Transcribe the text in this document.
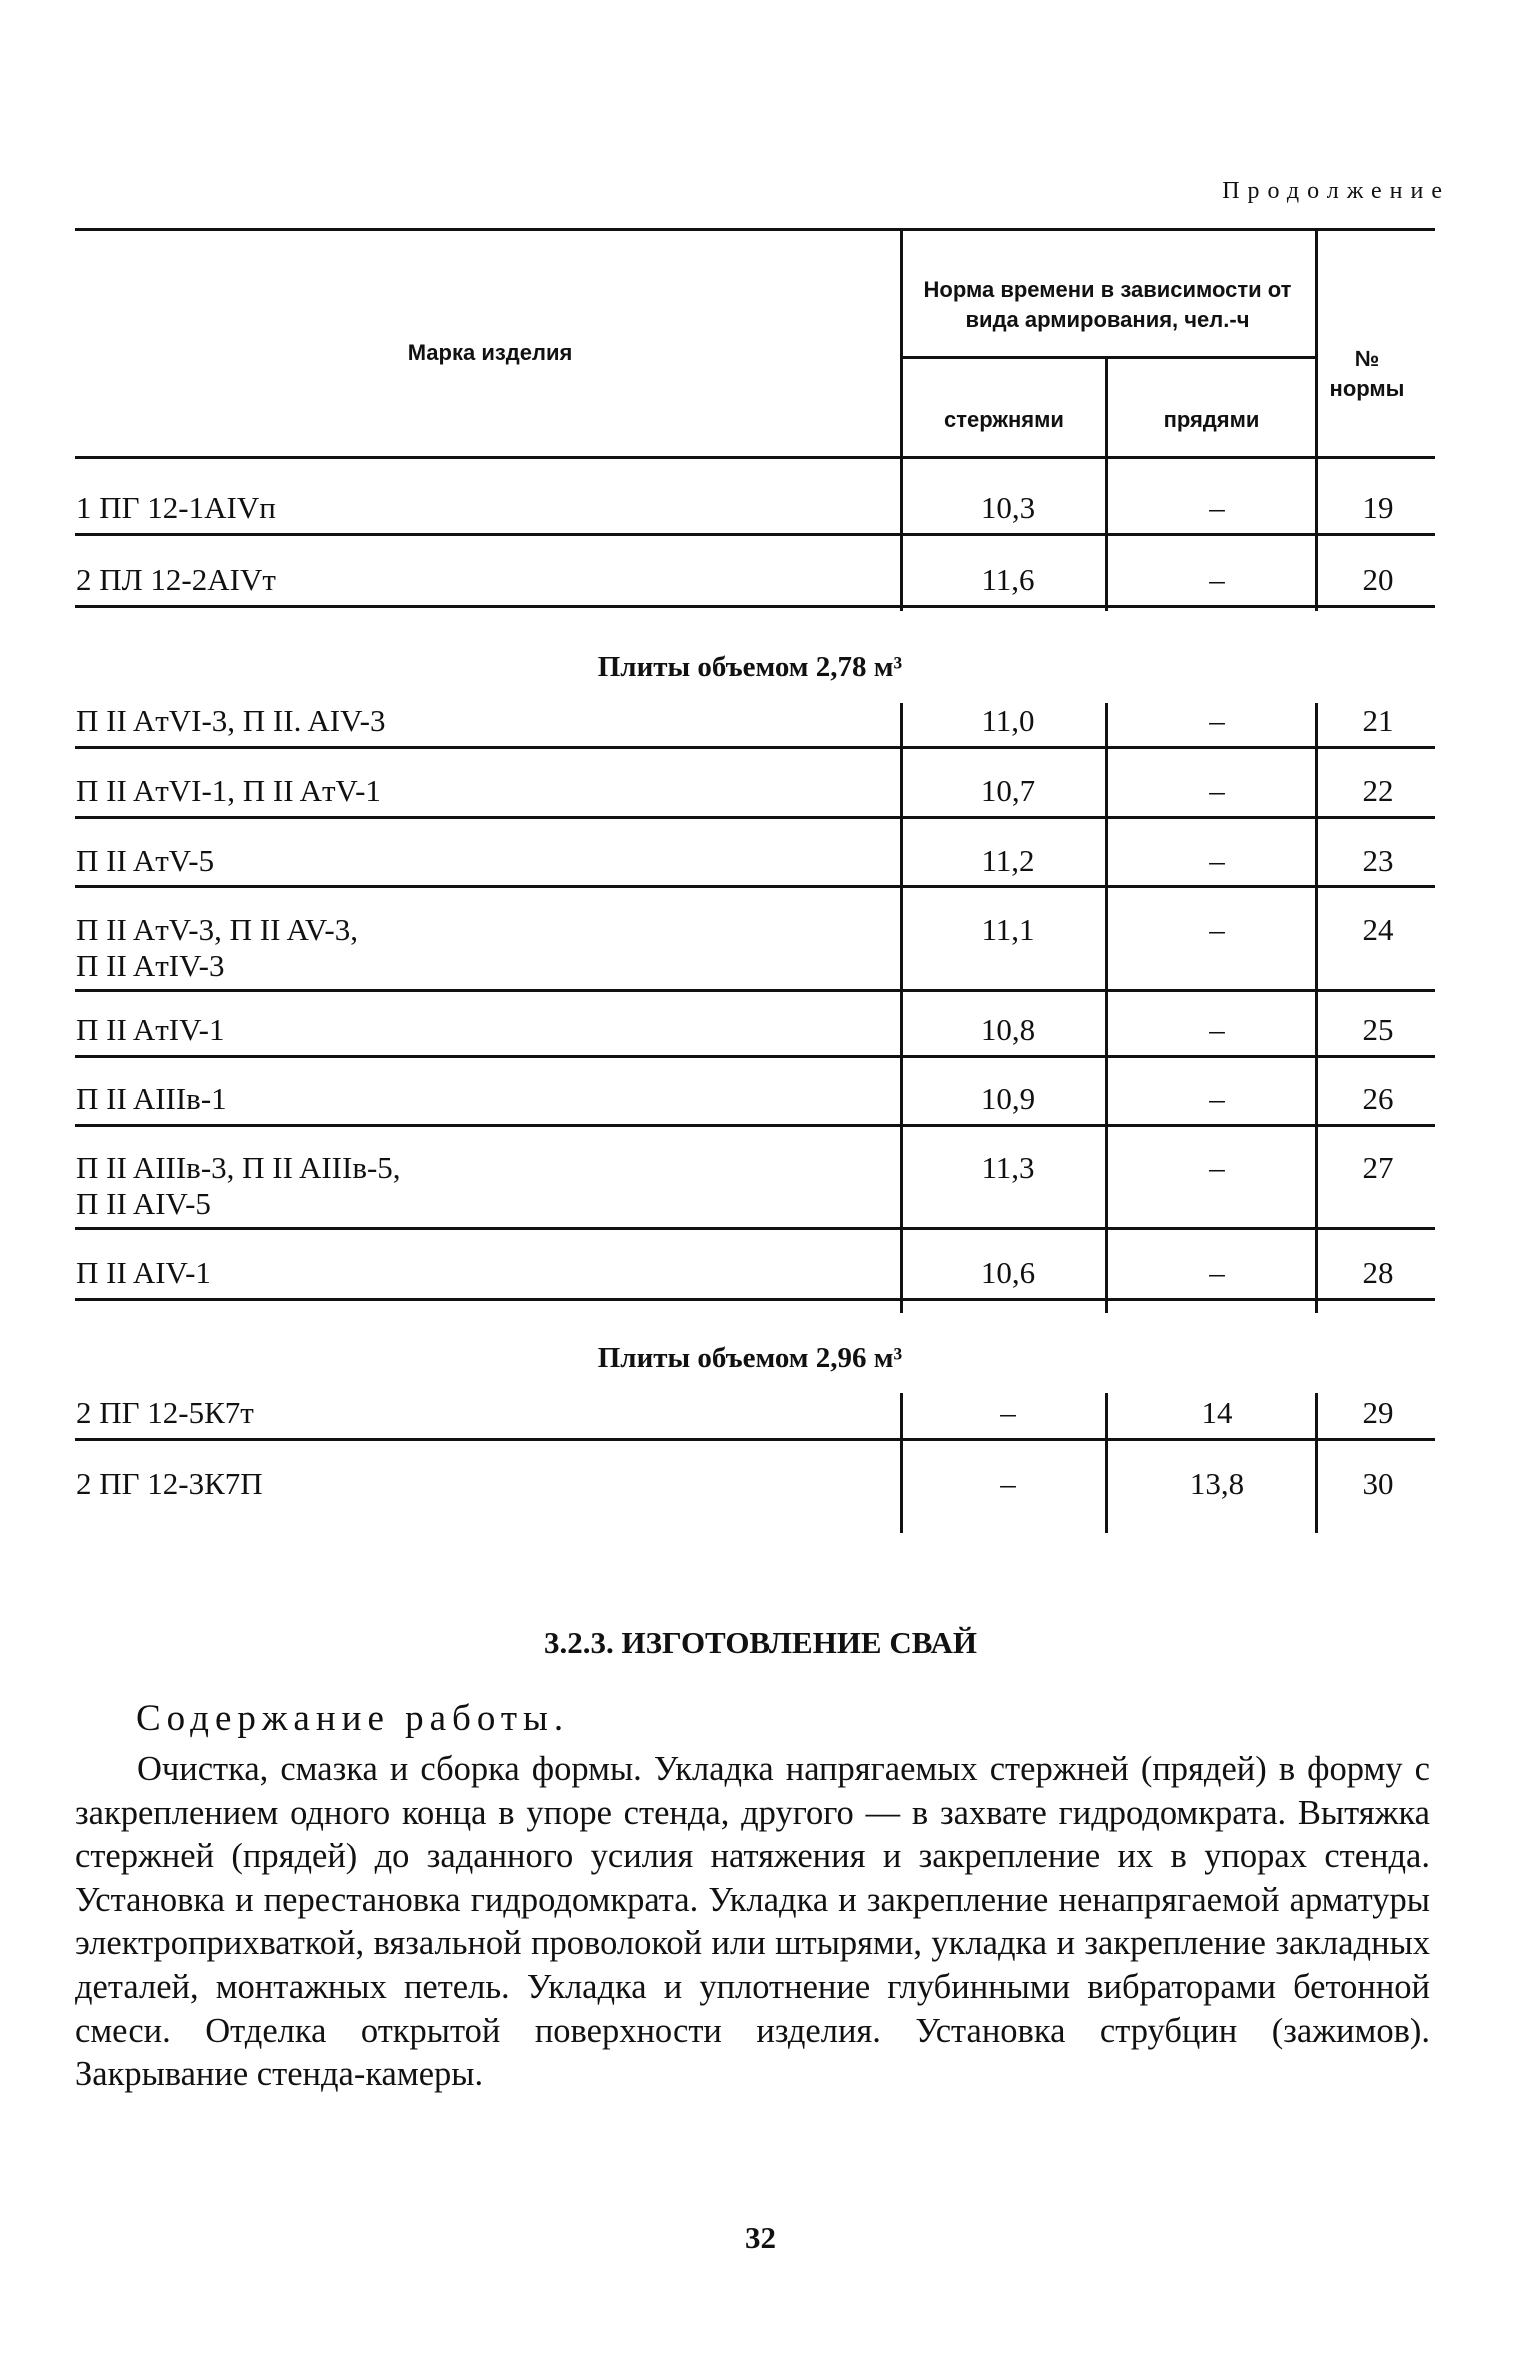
Продолжение
Марка изделия
Норма времени в зависимости от вида армирования, чел.-ч
стержнями	прядями
№ нормы
1 ПГ 12-1AIVп	10,3	–	19
2 ПЛ 12-2AIVт	11,6	–	20
Плиты объемом 2,78 м³
П II AтVI-3, П II. AIV-3	11,0	–	21
П II AтVI-1, П II AтV-1	10,7	–	22
П II AтV-5	11,2	–	23
П II AтV-3, П II AV-3,
П II AтIV-3
11,1	–	24
П II AтIV-1	10,8	–	25
П II AIIIв-1	10,9	–	26
П II AIIIв-3, П II AIIIв-5,
П II AIV-5
11,3	–	27
П II AIV-1	10,6	–	28
Плиты объемом 2,96 м³
2 ПГ 12-5К7т	–	14	29
2 ПГ 12-3К7П	–	13,8	30
3.2.3. ИЗГОТОВЛЕНИЕ СВАЙ
Содержание работы.
Очистка, смазка и сборка формы. Укладка напрягаемых стержней (прядей) в форму с закреплением одного конца в упоре стенда, другого — в захвате гидродомкрата. Вытяжка стержней (прядей) до заданного усилия натяжения и закрепление их в упорах стенда. Установка и перестановка гидродомкрата. Укладка и закрепление ненапрягаемой арматуры электроприхваткой, вязальной проволокой или штырями, укладка и закрепление закладных деталей, монтажных петель. Укладка и уплотнение глубинными вибраторами бетонной смеси. Отделка открытой поверхности изделия. Установка струбцин (зажимов). Закрывание стенда-камеры.
32
